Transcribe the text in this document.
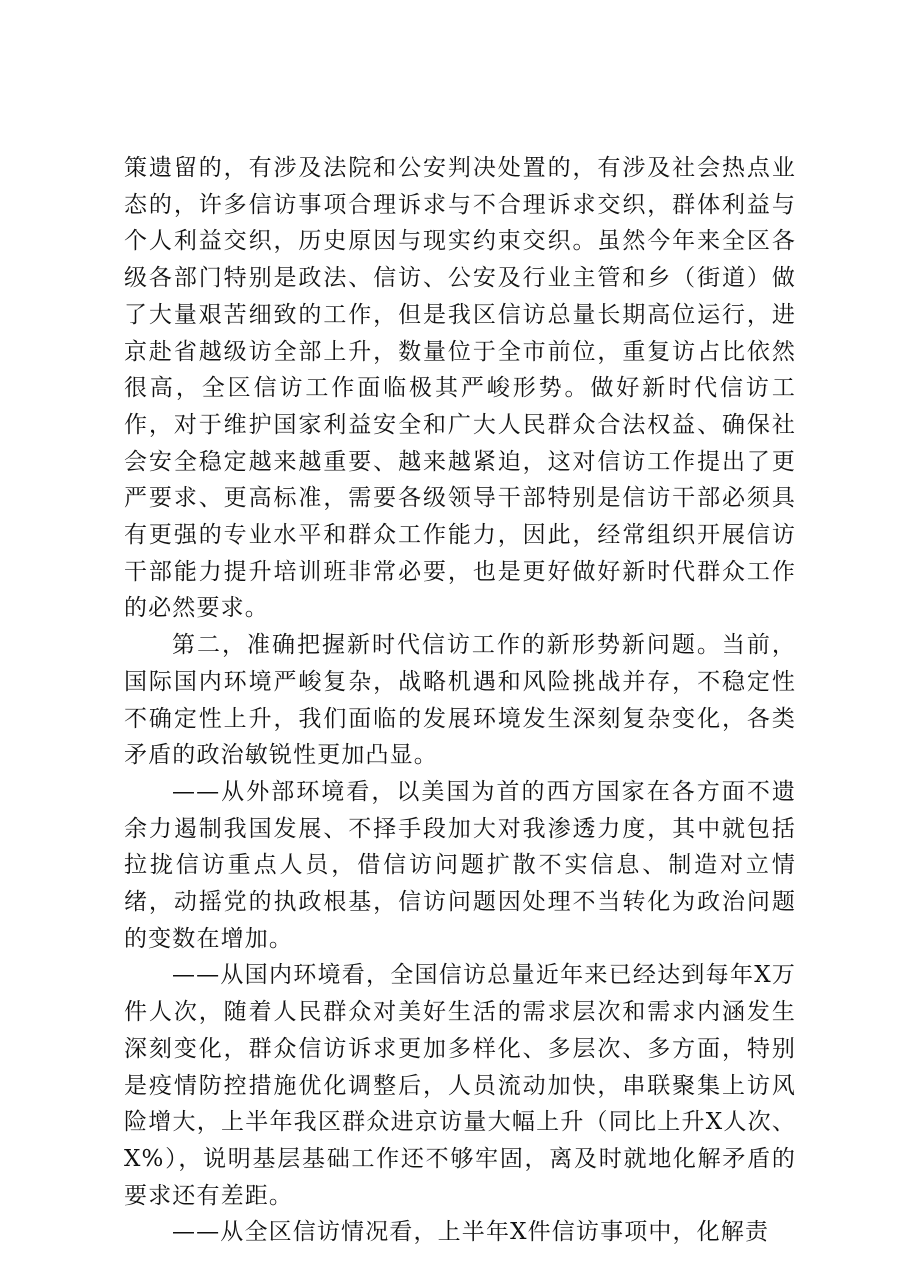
策遗留的，有涉及法院和公安判决处置的，有涉及社会热点业态的，许多信访事项合理诉求与不合理诉求交织，群体利益与个人利益交织，历史原因与现实约束交织。虽然今年来全区各级各部门特别是政法、信访、公安及行业主管和乡（街道）做了大量艰苦细致的工作，但是我区信访总量长期高位运行，进京赴省越级访全部上升，数量位于全市前位，重复访占比依然很高，全区信访工作面临极其严峻形势。做好新时代信访工作，对于维护国家利益安全和广大人民群众合法权益、确保社会安全稳定越来越重要、越来越紧迫，这对信访工作提出了更严要求、更高标准，需要各级领导干部特别是信访干部必须具有更强的专业水平和群众工作能力，因此，经常组织开展信访干部能力提升培训班非常必要，也是更好做好新时代群众工作的必然要求。

第二，准确把握新时代信访工作的新形势新问题。当前，国际国内环境严峻复杂，战略机遇和风险挑战并存，不稳定性不确定性上升，我们面临的发展环境发生深刻复杂变化，各类矛盾的政治敏锐性更加凸显。

——从外部环境看，以美国为首的西方国家在各方面不遗余力遏制我国发展、不择手段加大对我渗透力度，其中就包括拉拢信访重点人员，借信访问题扩散不实信息、制造对立情绪，动摇党的执政根基，信访问题因处理不当转化为政治问题的变数在增加。

——从国内环境看，全国信访总量近年来已经达到每年X万件人次，随着人民群众对美好生活的需求层次和需求内涵发生深刻变化，群众信访诉求更加多样化、多层次、多方面，特别是疫情防控措施优化调整后，人员流动加快，串联聚集上访风险增大，上半年我区群众进京访量大幅上升（同比上升X人次、X%），说明基层基础工作还不够牢固，离及时就地化解矛盾的要求还有差距。

——从全区信访情况看，上半年X件信访事项中，化解责
